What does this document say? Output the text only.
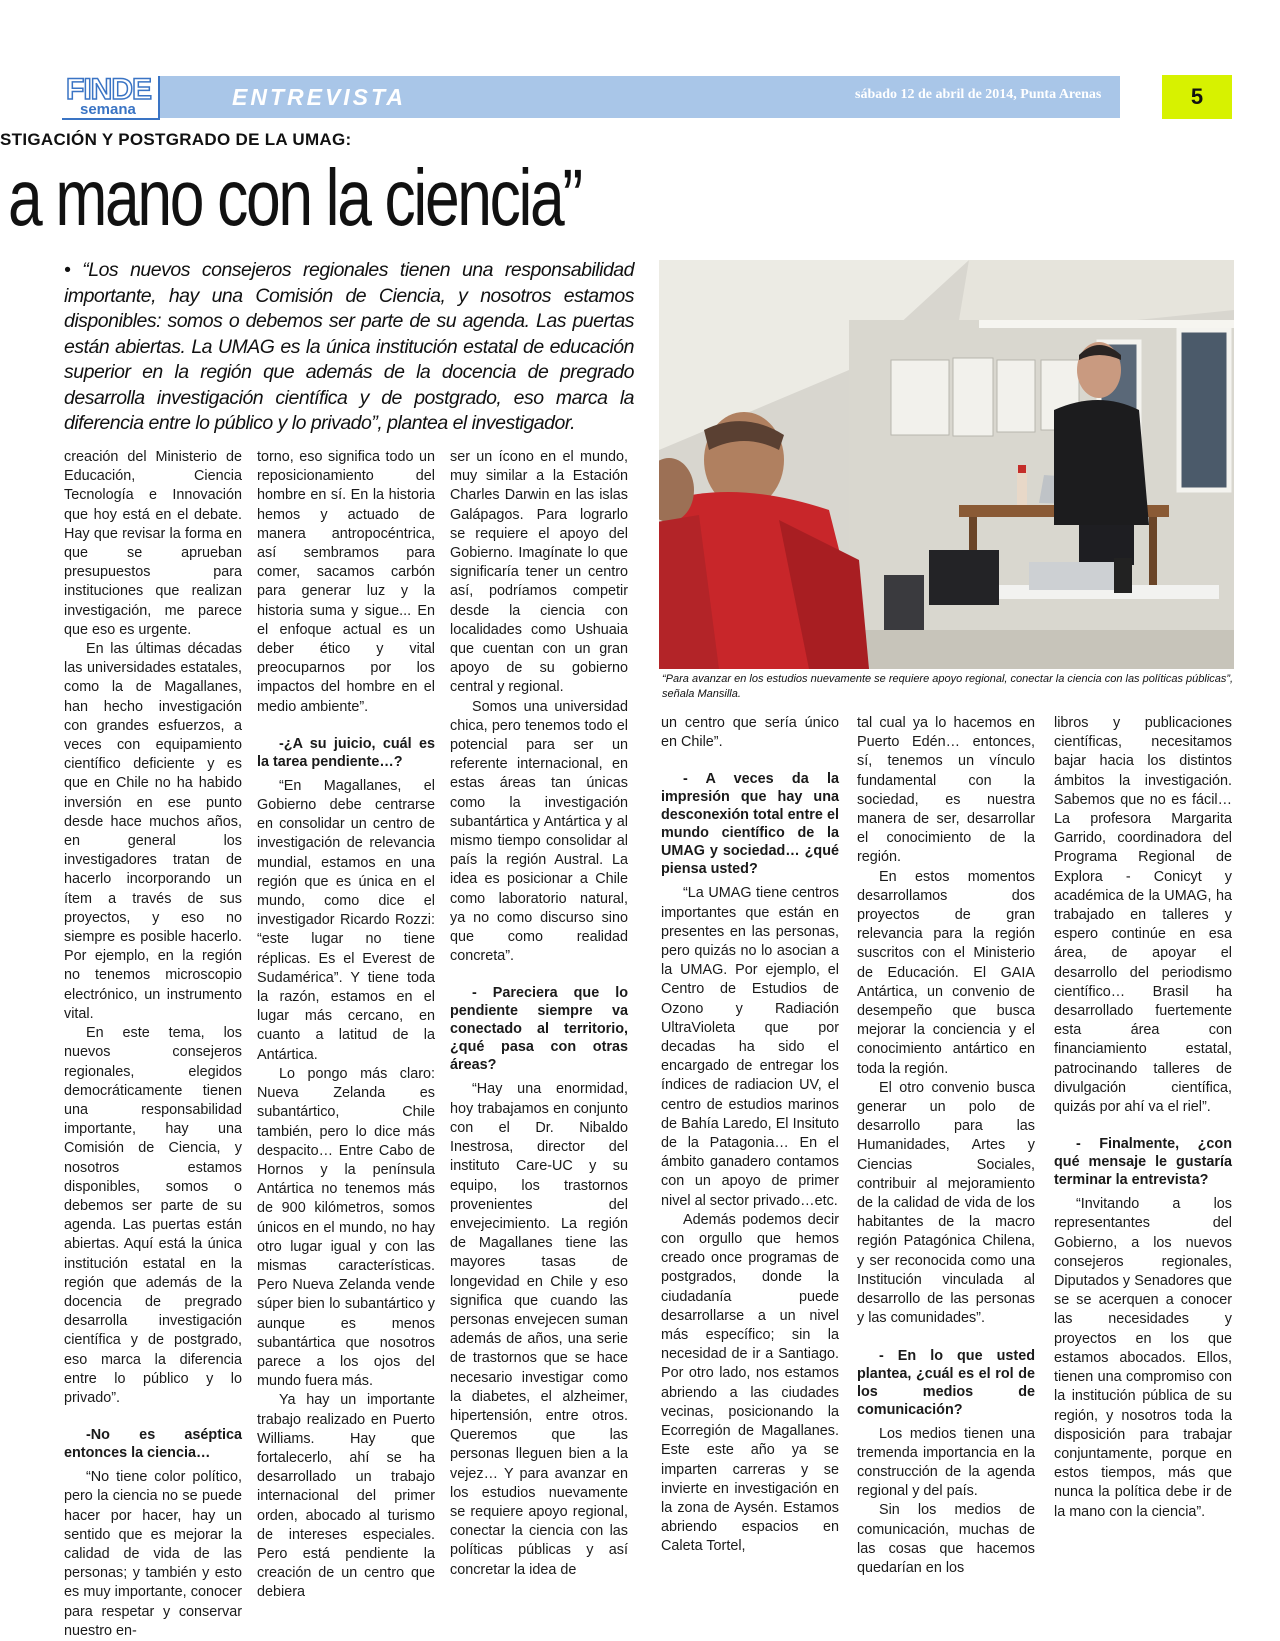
FINDE
semana	ENTREVISTA	sábado 12 de abril de 2014, Punta Arenas	5
STIGACIÓN Y POSTGRADO DE LA UMAG:
a mano con la ciencia”
• “Los nuevos consejeros regionales tienen una responsabilidad importante, hay una Comisión de Ciencia, y nosotros estamos disponibles: somos o debemos ser parte de su agenda. Las puertas están abiertas. La UMAG es la única institución estatal de educación superior en la región que además de la docencia de pregrado desarrolla investigación científica y de postgrado, eso marca la diferencia entre lo público y lo privado”, plantea el investigador.
“Para avanzar en los estudios nuevamente se requiere apoyo regional, conectar la ciencia con las políticas públicas”, señala Mansilla.

creación del Ministerio de Educación, Ciencia Tecnología e Innovación que hoy está en el debate. Hay que revisar la forma en que se aprueban presupuestos para instituciones que realizan investigación, me parece que eso es urgente.

En las últimas décadas las universidades estatales, como la de Magallanes, han hecho investigación con grandes esfuerzos, a veces con equipamiento científico deficiente y es que en Chile no ha habido inversión en ese punto desde hace muchos años, en general los investigadores tratan de hacerlo incorporando un ítem a través de sus proyectos, y eso no siempre es posible hacerlo. Por ejemplo, en la región no tenemos microscopio electrónico, un instrumento vital.

En este tema, los nuevos consejeros regionales, elegidos democráticamente tienen una responsabilidad importante, hay una Comisión de Ciencia, y nosotros estamos disponibles, somos o debemos ser parte de su agenda. Las puertas están abiertas. Aquí está la única institución estatal en la región que además de la docencia de pregrado desarrolla investigación científica y de postgrado, eso marca la diferencia entre lo público y lo privado”.

-No es aséptica entonces la ciencia…

“No tiene color político, pero la ciencia no se puede hacer por hacer, hay un sentido que es mejorar la calidad de vida de las personas; y también y esto es muy importante, conocer para respetar y conservar nuestro en-

torno, eso significa todo un reposicionamiento del hombre en sí. En la historia hemos y actuado de manera antropocéntrica, así sembramos para comer, sacamos carbón para generar luz y la historia suma y sigue... En el enfoque actual es un deber ético y vital preocuparnos por los impactos del hombre en el medio ambiente”.

-¿A su juicio, cuál es la tarea pendiente…?

“En Magallanes, el Gobierno debe centrarse en consolidar un centro de investigación de relevancia mundial, estamos en una región que es única en el mundo, como dice el investigador Ricardo Rozzi: “este lugar no tiene réplicas. Es el Everest de Sudamérica”. Y tiene toda la razón, estamos en el lugar más cercano, en cuanto a latitud de la Antártica.

Lo pongo más claro: Nueva Zelanda es subantártico, Chile también, pero lo dice más despacito… Entre Cabo de Hornos y la península Antártica no tenemos más de 900 kilómetros, somos únicos en el mundo, no hay otro lugar igual y con las mismas características. Pero Nueva Zelanda vende súper bien lo subantártico y aunque es menos subantártica que nosotros parece a los ojos del mundo fuera más.

Ya hay un importante trabajo realizado en Puerto Williams. Hay que fortalecerlo, ahí se ha desarrollado un trabajo internacional del primer orden, abocado al turismo de intereses especiales. Pero está pendiente la creación de un centro que debiera

ser un ícono en el mundo, muy similar a la Estación Charles Darwin en las islas Galápagos. Para lograrlo se requiere el apoyo del Gobierno. Imagínate lo que significaría tener un centro así, podríamos competir desde la ciencia con localidades como Ushuaia que cuentan con un gran apoyo de su gobierno central y regional.

Somos una universidad chica, pero tenemos todo el potencial para ser un referente internacional, en estas áreas tan únicas como la investigación subantártica y Antártica y al mismo tiempo consolidar al país la región Austral. La idea es posicionar a Chile como laboratorio natural, ya no como discurso sino que como realidad concreta”.

- Pareciera que lo pendiente siempre va conectado al territorio, ¿qué pasa con otras áreas?

“Hay una enormidad, hoy trabajamos en conjunto con el Dr. Nibaldo Inestrosa, director del instituto Care-UC y su equipo, los trastornos provenientes del envejecimiento. La región de Magallanes tiene las mayores tasas de longevidad en Chile y eso significa que cuando las personas envejecen suman además de años, una serie de trastornos que se hace necesario investigar como la diabetes, el alzheimer, hipertensión, entre otros. Queremos que las personas lleguen bien a la vejez… Y para avanzar en los estudios nuevamente se requiere apoyo regional, conectar la ciencia con las políticas públicas y así concretar la idea de

un centro que sería único en Chile”.

- A veces da la impresión que hay una desconexión total entre el mundo científico de la UMAG y sociedad… ¿qué piensa usted?

“La UMAG tiene centros importantes que están en presentes en las personas, pero quizás no lo asocian a la UMAG. Por ejemplo, el Centro de Estudios de Ozono y Radiación UltraVioleta que por decadas ha sido el encargado de entregar los índices de radiacion UV, el centro de estudios marinos de Bahía Laredo, El Insituto de la Patagonia… En el ámbito ganadero contamos con un apoyo de primer nivel al sector privado…etc.

Además podemos decir con orgullo que hemos creado once programas de postgrados, donde la ciudadanía puede desarrollarse a un nivel más específico; sin la necesidad de ir a Santiago. Por otro lado, nos estamos abriendo a las ciudades vecinas, posicionando la Ecorregión de Magallanes. Este este año ya se imparten carreras y se invierte en investigación en la zona de Aysén. Estamos abriendo espacios en Caleta Tortel,

tal cual ya lo hacemos en Puerto Edén… entonces, sí, tenemos un vínculo fundamental con la sociedad, es nuestra manera de ser, desarrollar el conocimiento de la región.

En estos momentos desarrollamos dos proyectos de gran relevancia para la región suscritos con el Ministerio de Educación. El GAIA Antártica, un convenio de desempeño que busca mejorar la conciencia y el conocimiento antártico en toda la región.

El otro convenio busca generar un polo de desarrollo para las Humanidades, Artes y Ciencias Sociales, contribuir al mejoramiento de la calidad de vida de los habitantes de la macro región Patagónica Chilena, y ser reconocida como una Institución vinculada al desarrollo de las personas y las comunidades”.

- En lo que usted plantea, ¿cuál es el rol de los medios de comunicación?

Los medios tienen una tremenda importancia en la construcción de la agenda regional y del país.

Sin los medios de comunicación, muchas de las cosas que hacemos quedarían en los

libros y publicaciones científicas, necesitamos bajar hacia los distintos ámbitos la investigación. Sabemos que no es fácil… La profesora Margarita Garrido, coordinadora del Programa Regional de Explora - Conicyt y académica de la UMAG, ha trabajado en talleres y espero continúe en esa área, de apoyar el desarrollo del periodismo científico… Brasil ha desarrollado fuertemente esta área con financiamiento estatal, patrocinando talleres de divulgación científica, quizás por ahí va el riel”.

- Finalmente, ¿con qué mensaje le gustaría terminar la entrevista?

“Invitando a los representantes del Gobierno, a los nuevos consejeros regionales, Diputados y Senadores que se se acerquen a conocer las necesidades y proyectos en los que estamos abocados. Ellos, tienen una compromiso con la institución pública de su región, y nosotros toda la disposición para trabajar conjuntamente, porque en estos tiempos, más que nunca la política debe ir de la mano con la ciencia”.
